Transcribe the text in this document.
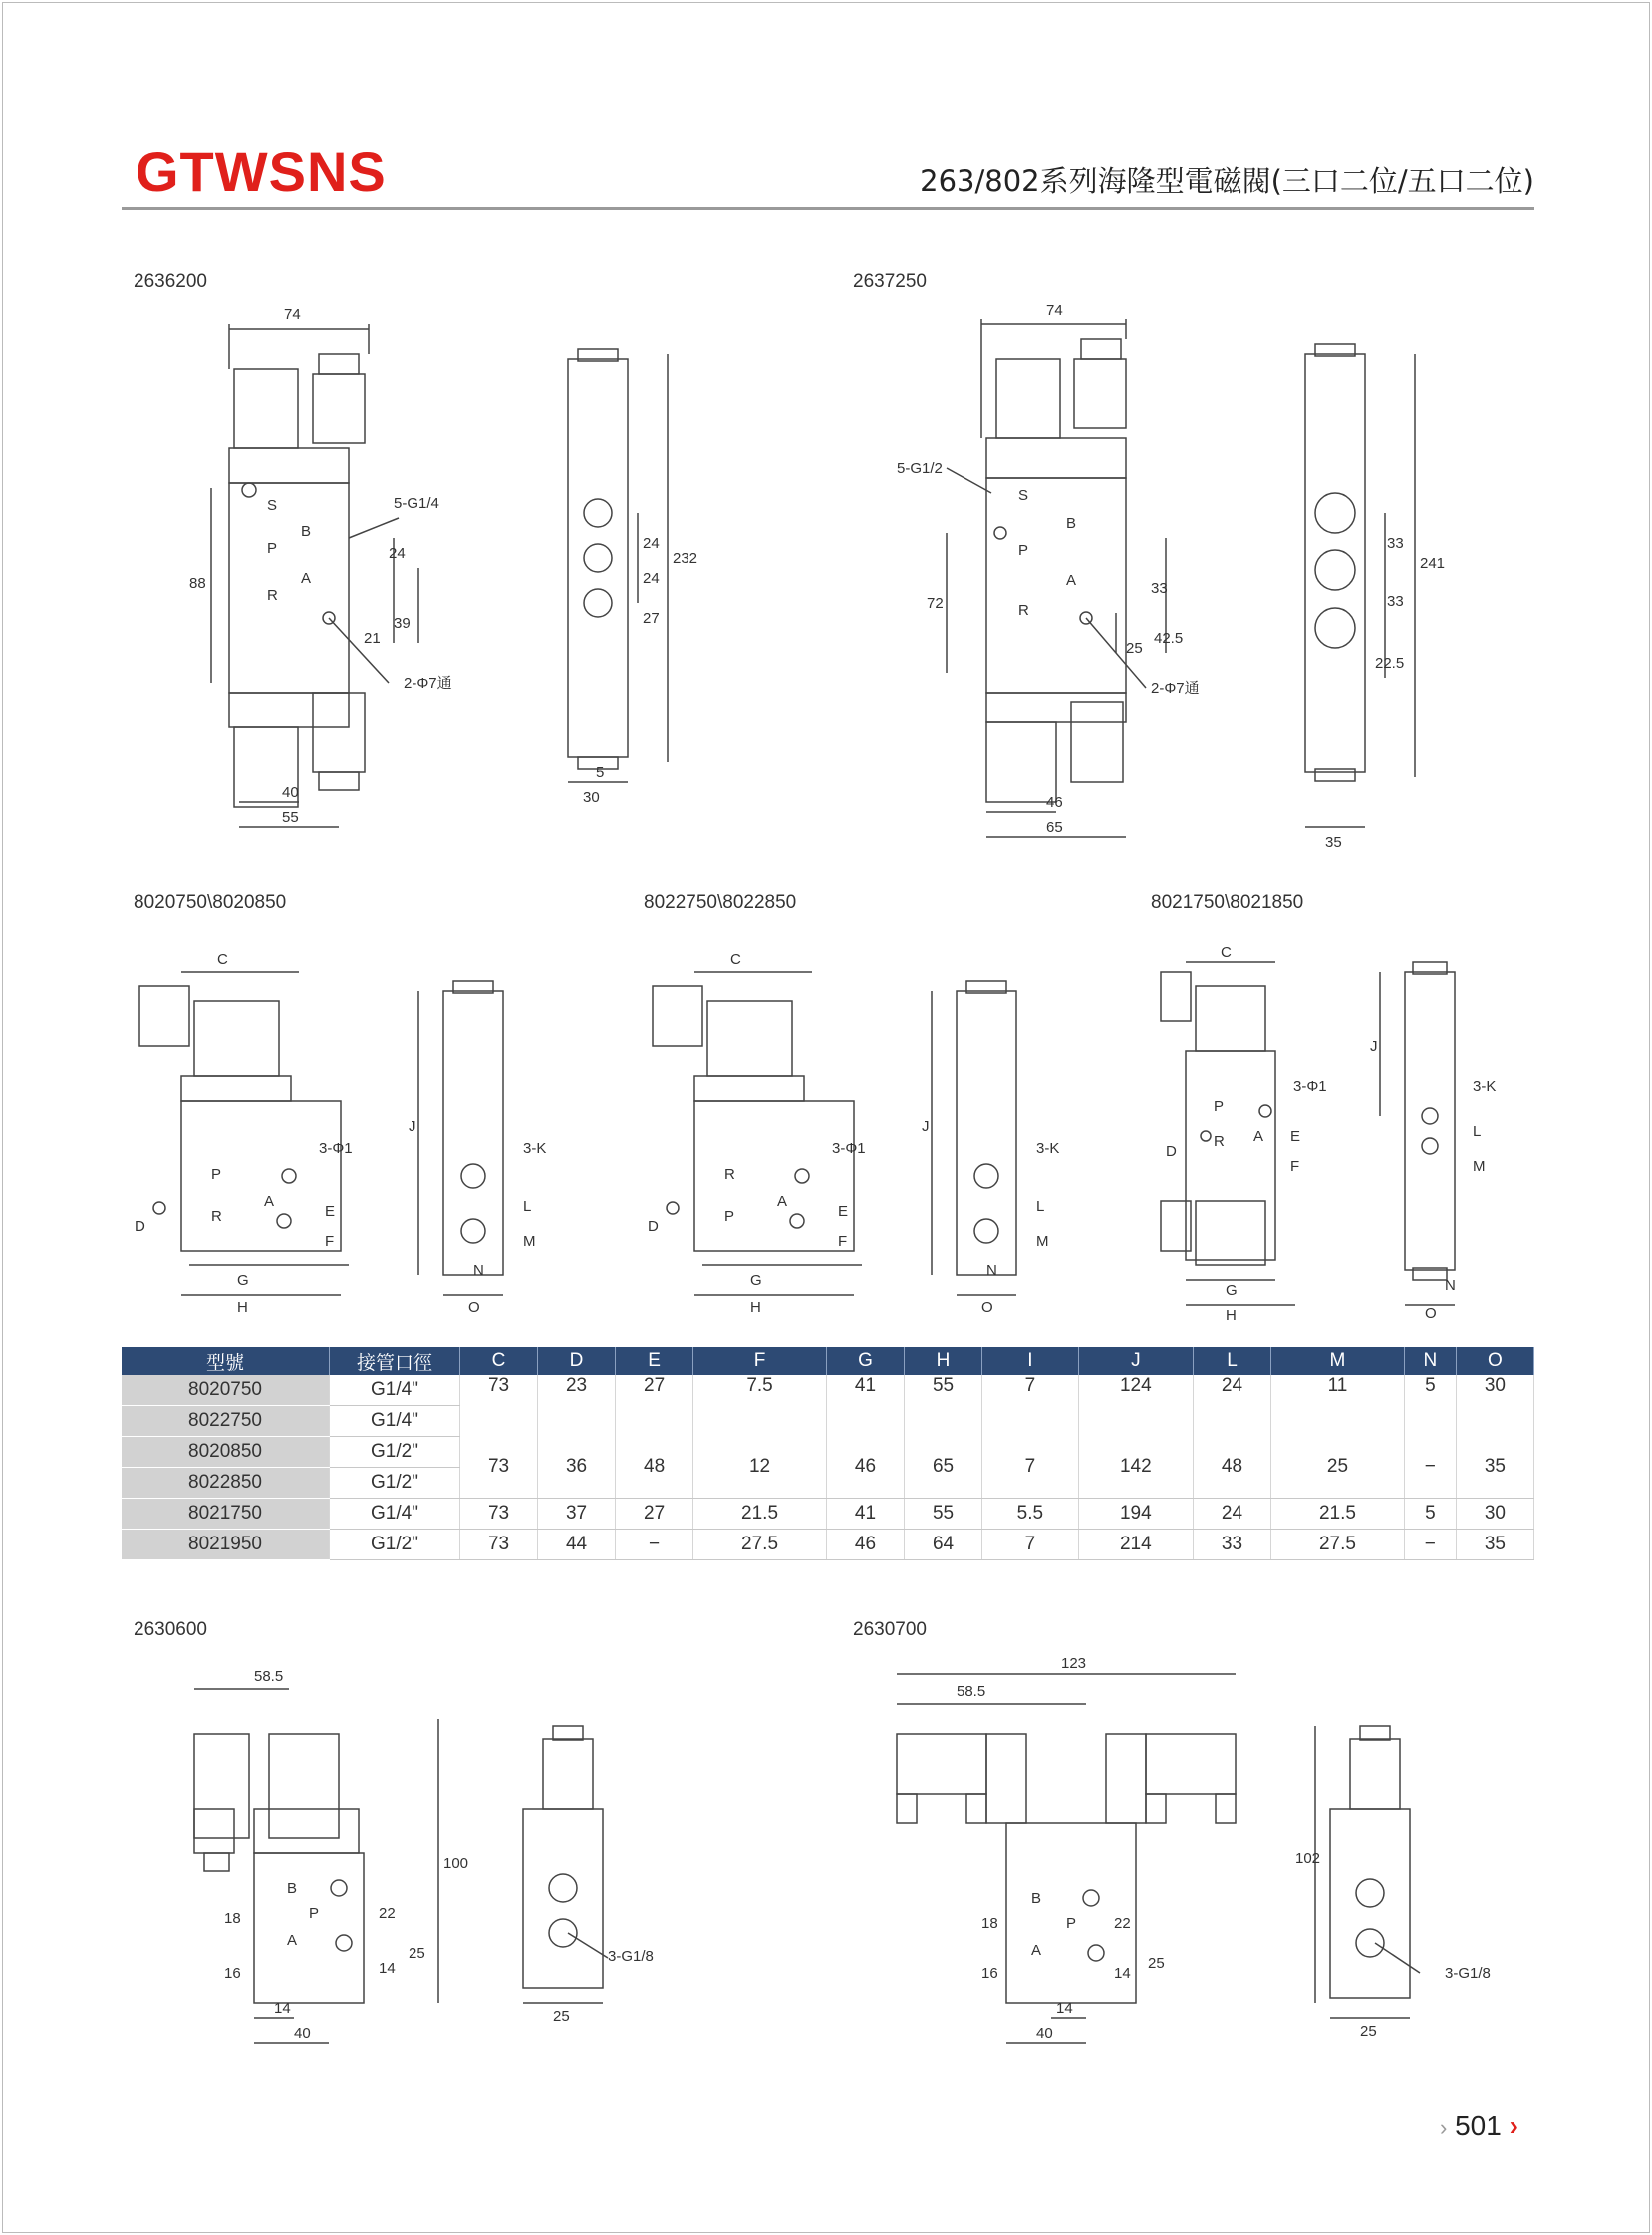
GTWSNS	263/802系列海隆型電磁閥(三口二位/五口二位)
2636200	2637250
74
40
55
88
24
21
39
5-G1/4
2-Φ7通
S
B
P
A
R
24
24
27
232
30
5
74
46
65
72
33
25
42.5
5-G1/2
2-Φ7通
S
B
P
A
R
33
33
22.5
241
35
8020750\8020850	8022750\8022850	8021750\8021850
C
D
E
F
G
H
3-Φ1
P
R
A
J
3-K
L
M
N
O
C
D
E
F
G
H
3-Φ1
R
P
A
J
3-K
L
M
N
O
C
D
E
F
G
H
3-Φ1
P
R A
J
3-K
L
M
N
O
型號	接管口徑	C	D	E	F	G	H	I	J	L	M	N	O
8020750	G1/4"	73	23	27	7.5	41	55	7	124	24	11	5	30
8022750	G1/4"												
8020850	G1/2"	73	36	48	12	46	65	7	142	48	25	−	35
8022850	G1/2"												
8021750	G1/4"	73	37	27	21.5	41	55	5.5	194	24	21.5	5	30
8021950	G1/2"	73	44	−	27.5	46	64	7	214	33	27.5	−	35
2630600	2630700
58.5
100
18
16
22
14
25
14
40
B
P
A
3-G1/8
25
123
58.5
18
16
22
14
25
14
40
B
P
A
102
3-G1/8
25
› 501 ›
